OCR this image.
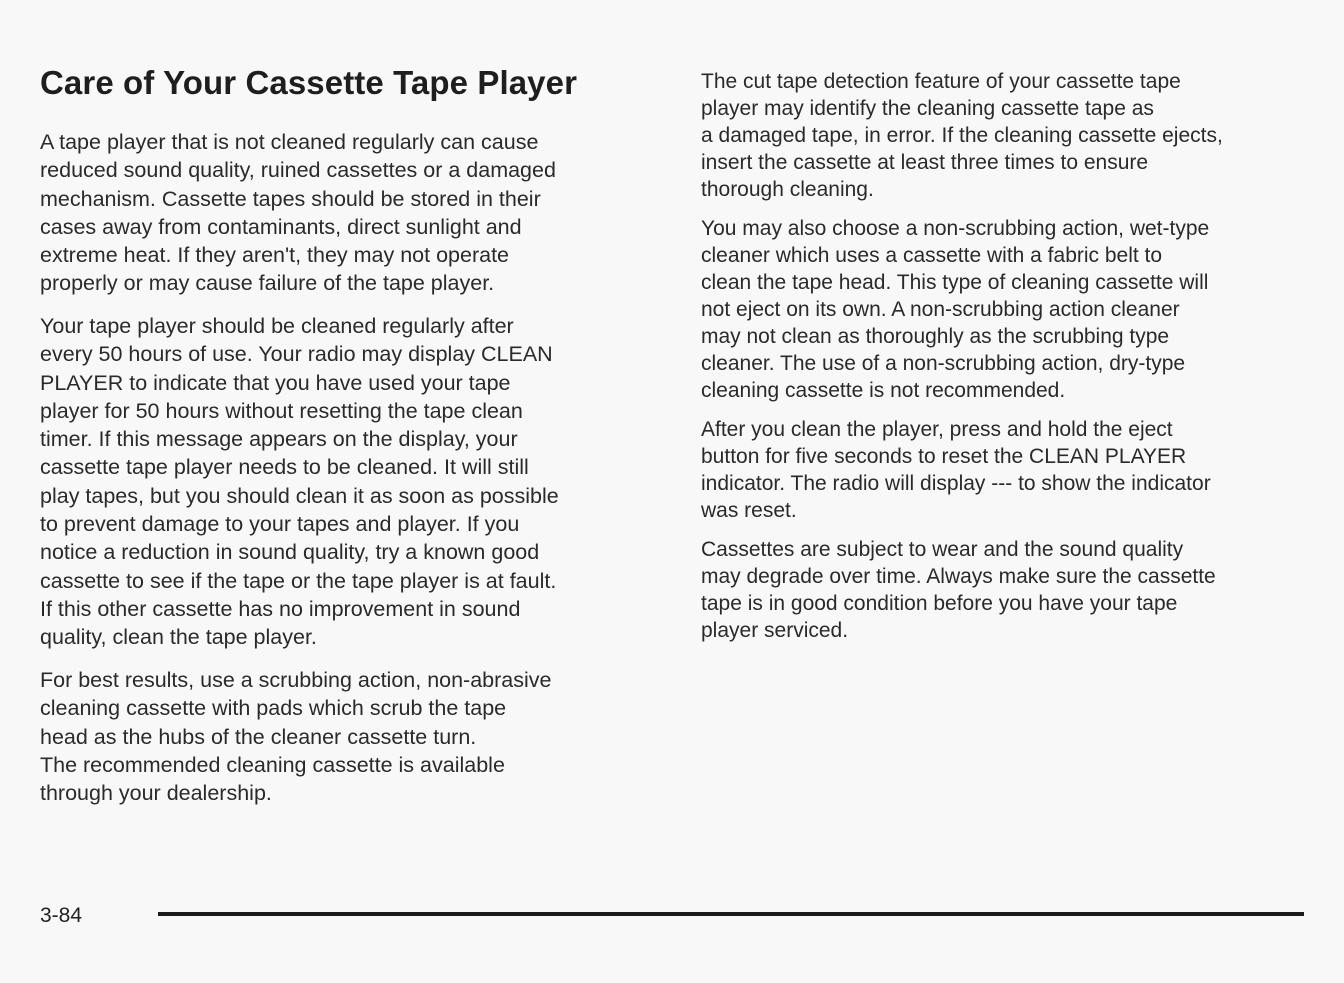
Care of Your Cassette Tape Player

A tape player that is not cleaned regularly can cause
reduced sound quality, ruined cassettes or a damaged
mechanism. Cassette tapes should be stored in their
cases away from contaminants, direct sunlight and
extreme heat. If they aren't, they may not operate
properly or may cause failure of the tape player.

Your tape player should be cleaned regularly after
every 50 hours of use. Your radio may display CLEAN
PLAYER to indicate that you have used your tape
player for 50 hours without resetting the tape clean
timer. If this message appears on the display, your
cassette tape player needs to be cleaned. It will still
play tapes, but you should clean it as soon as possible
to prevent damage to your tapes and player. If you
notice a reduction in sound quality, try a known good
cassette to see if the tape or the tape player is at fault.
If this other cassette has no improvement in sound
quality, clean the tape player.

For best results, use a scrubbing action, non-abrasive
cleaning cassette with pads which scrub the tape
head as the hubs of the cleaner cassette turn.
The recommended cleaning cassette is available
through your dealership.

The cut tape detection feature of your cassette tape
player may identify the cleaning cassette tape as
a damaged tape, in error. If the cleaning cassette ejects,
insert the cassette at least three times to ensure
thorough cleaning.

You may also choose a non-scrubbing action, wet-type
cleaner which uses a cassette with a fabric belt to
clean the tape head. This type of cleaning cassette will
not eject on its own. A non-scrubbing action cleaner
may not clean as thoroughly as the scrubbing type
cleaner. The use of a non-scrubbing action, dry-type
cleaning cassette is not recommended.

After you clean the player, press and hold the eject
button for five seconds to reset the CLEAN PLAYER
indicator. The radio will display --- to show the indicator
was reset.

Cassettes are subject to wear and the sound quality
may degrade over time. Always make sure the cassette
tape is in good condition before you have your tape
player serviced.

3-84
